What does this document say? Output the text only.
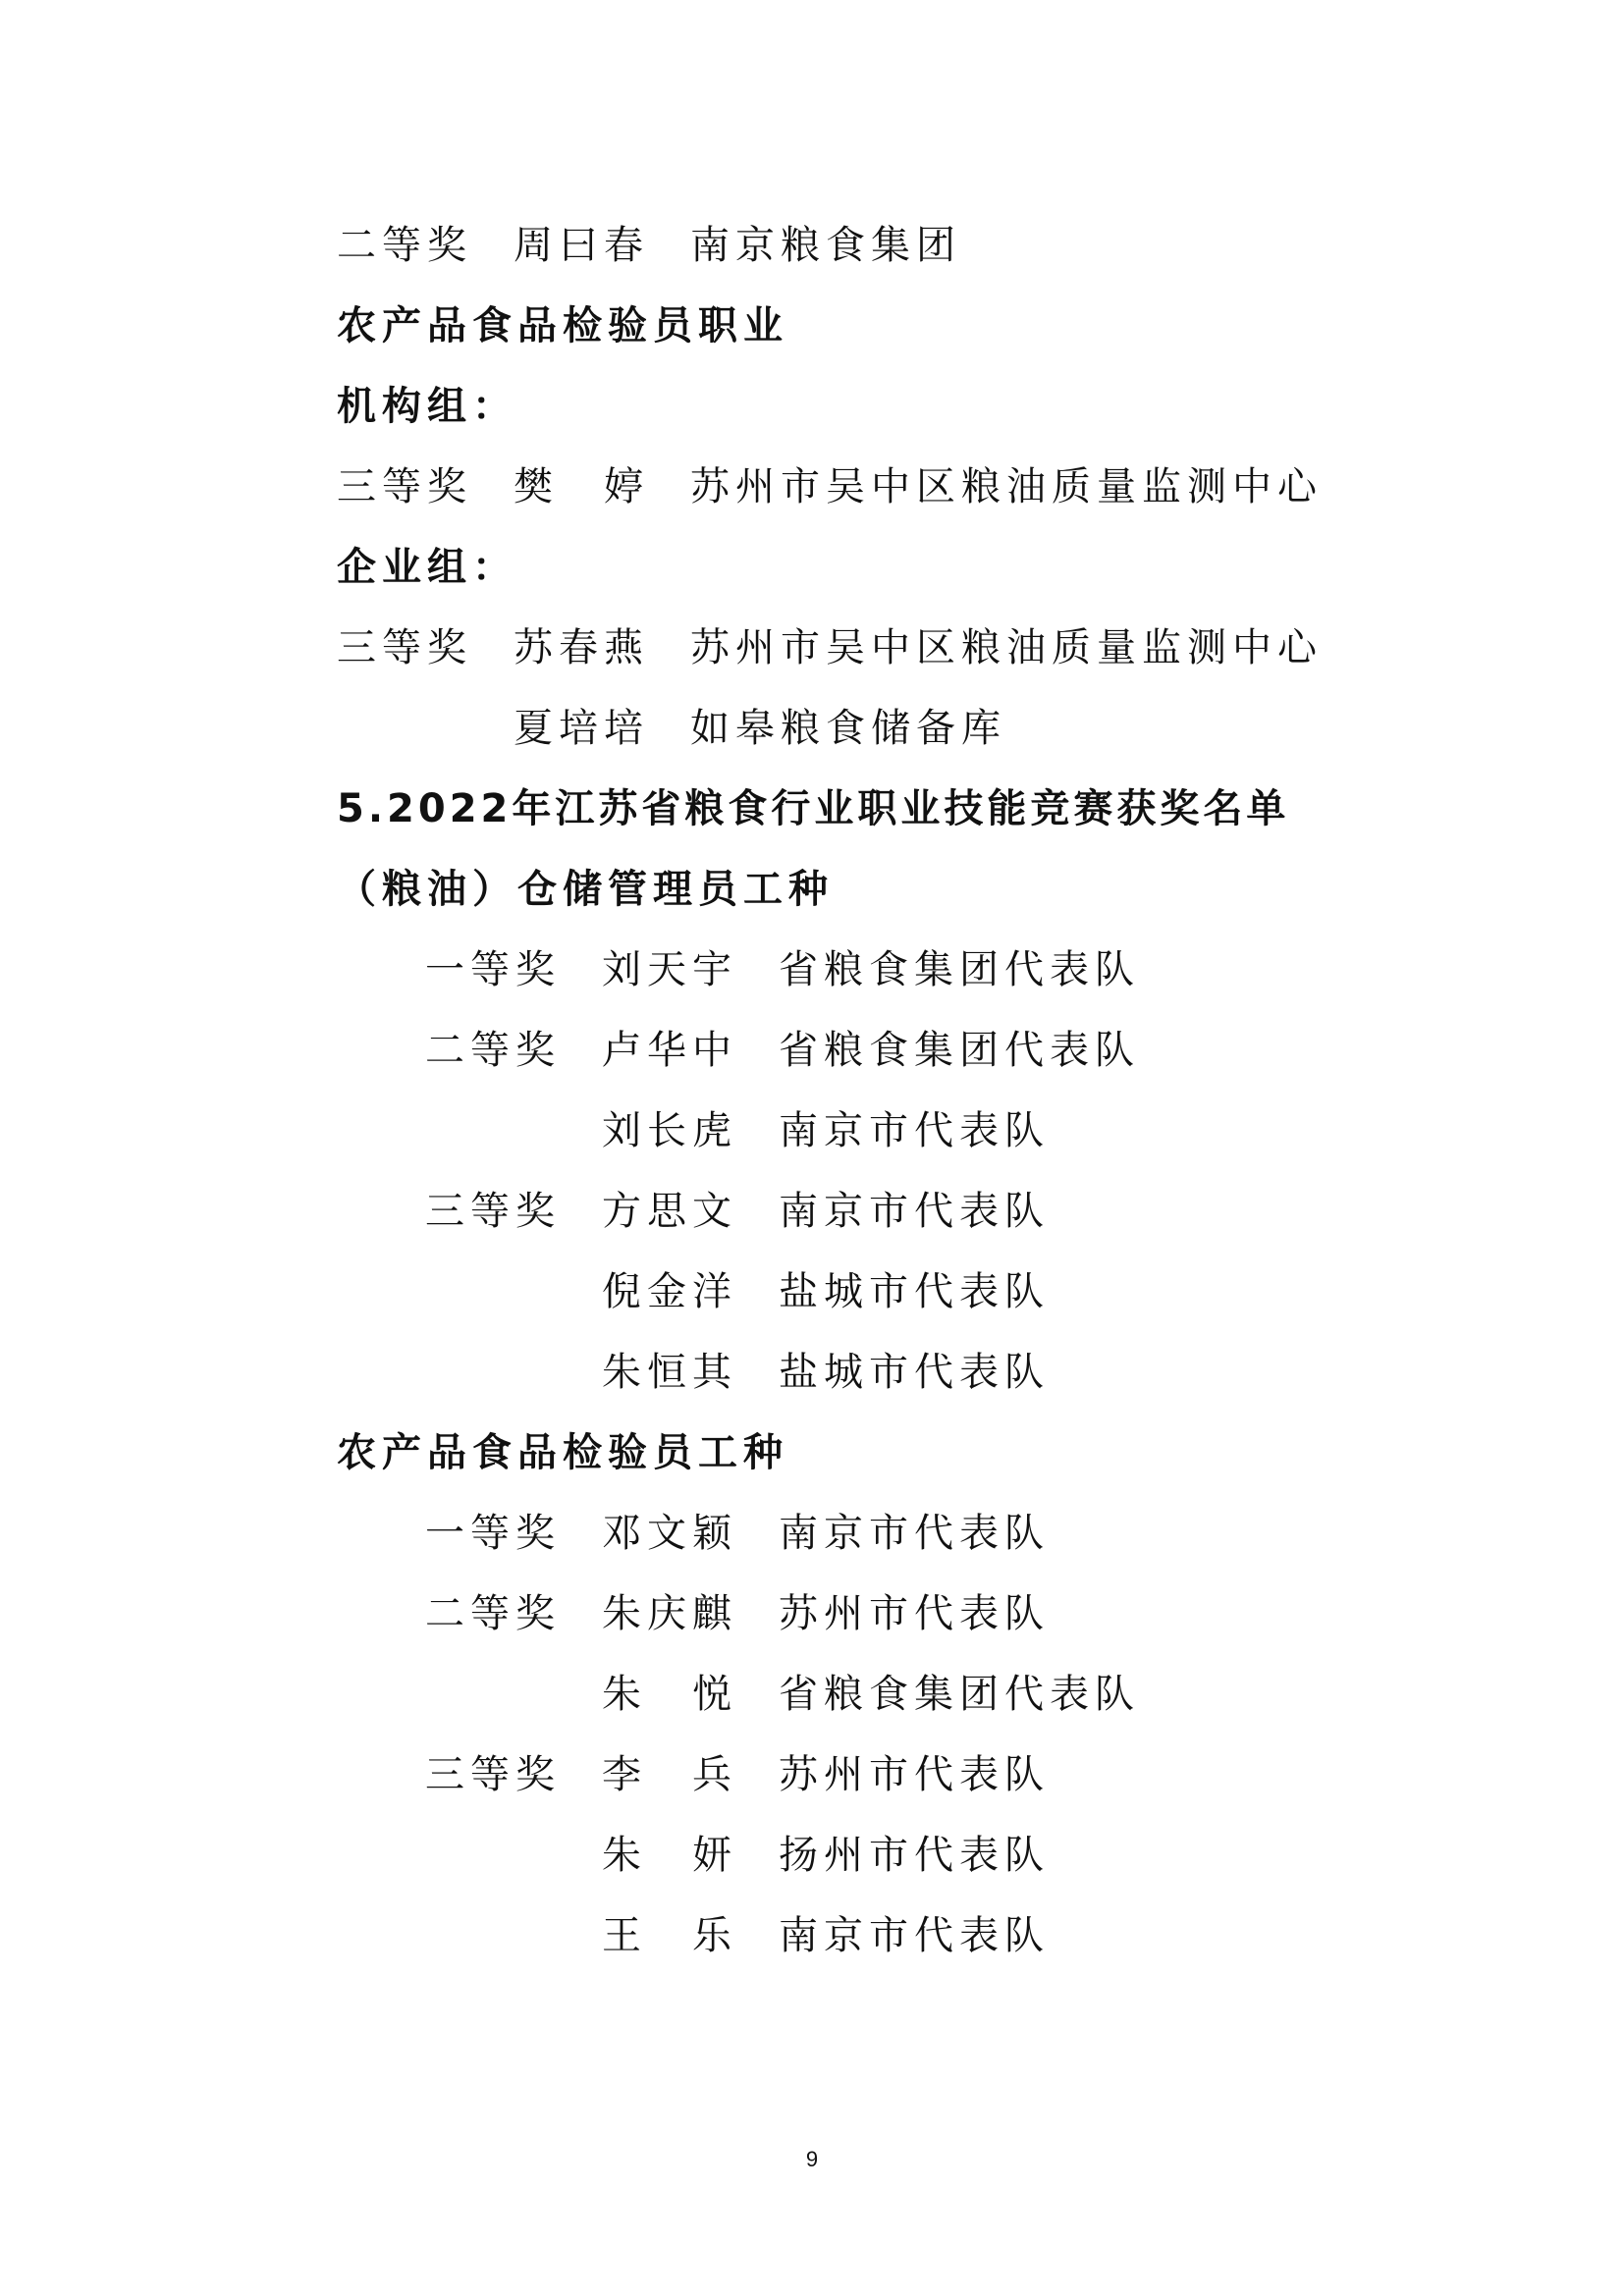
二等奖 周曰春 南京粮食集团
农产品食品检验员职业
机构组：
三等奖 樊　婷 苏州市吴中区粮油质量监测中心
企业组：
三等奖 苏春燕 苏州市吴中区粮油质量监测中心
夏培培 如皋粮食储备库
5.2022年江苏省粮食行业职业技能竞赛获奖名单
（粮油）仓储管理员工种
一等奖 刘天宇 省粮食集团代表队
二等奖 卢华中 省粮食集团代表队
刘长虎 南京市代表队
三等奖 方思文 南京市代表队
倪金洋 盐城市代表队
朱恒其 盐城市代表队
农产品食品检验员工种
一等奖 邓文颖 南京市代表队
二等奖 朱庆麒 苏州市代表队
朱　悦 省粮食集团代表队
三等奖 李　兵 苏州市代表队
朱　妍 扬州市代表队
王　乐 南京市代表队
9
